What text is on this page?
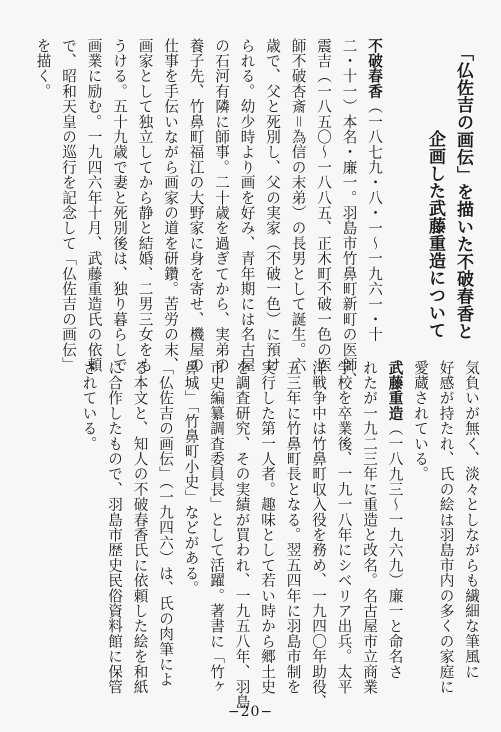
「仏佐吉の画伝」を描いた不破春香と
企画した武藤重造について
不破春香（一八七九・八・一〜一九六一・十
二・十一）本名・廉一。羽島市竹鼻町新町の医師、
震吉（一八五〇〜一八八五、正木町不破一色の医
師不破杏斎＝為信の末弟）の長男として誕生。六
歳で、父と死別し、父の実家（不破一色）に預け
られる。幼少時より画を好み、青年期には名古屋
の石河有隣に師事。二十歳を過ぎてから、実弟の
養子先、竹鼻町福江の大野家に身を寄せ、機屋の
仕事を手伝いながら画家の道を研鑽。苦労の末、
画家として独立してから静と結婚、二男三女をも
うける。五十九歳で妻と死別後は、独り暮らしで
画業に励む。一九四六年十月、武藤重造氏の依頼
で、昭和天皇の巡行を記念して「仏佐吉の画伝」
を描く。
気負いが無く、淡々としながらも繊細な筆風に
好感が持たれ、氏の絵は羽島市内の多くの家庭に
愛蔵されている。
武藤重造（一八九三〜一九六九）廉一と命名さ
れたが一九二三年に重造と改名。名古屋市立商業
学校を卒業後、一九一八年にシベリア出兵。太平
洋戦争中は竹鼻町収入役を務め、一九四〇年助役、
五三年に竹鼻町長となる。翌五四年に羽島市制を
実行した第一人者。趣味として若い時から郷土史
を調査研究、その実績が買われ、一九五八年、羽島
市史編纂調査委員長」として活躍。著書に「竹ヶ
鼻城」「竹鼻町小史」などがある。
「仏佐吉の画伝」（一九四六）は、氏の肉筆によ
る本文と、知人の不破春香氏に依頼した絵を和紙
に合作したもので、羽島市歴史民俗資料館に保管
されている。
−20−
